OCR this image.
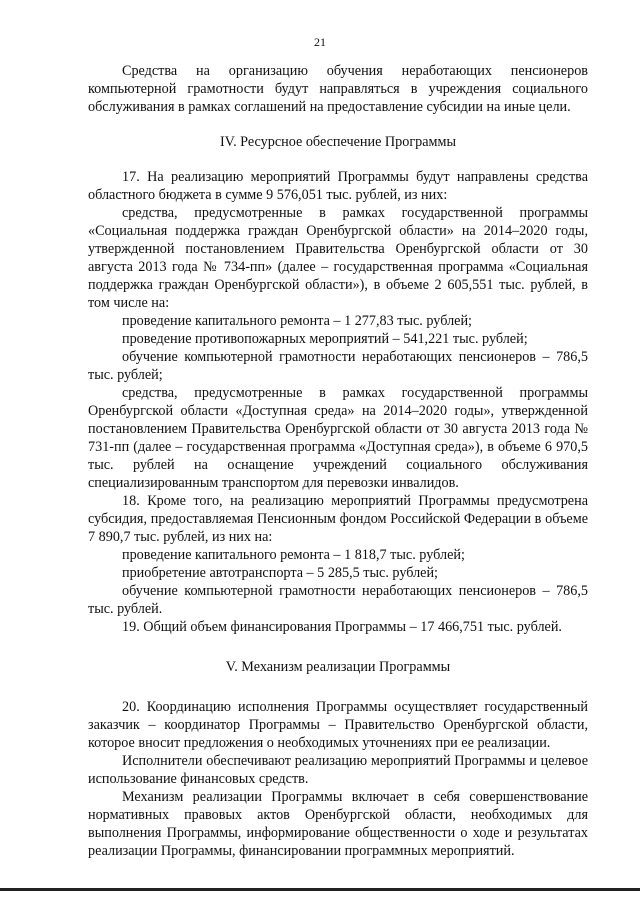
21

Средства на организацию обучения неработающих пенсионеров компьютерной грамотности будут направляться в учреждения социального обслуживания в рамках соглашений на предоставление субсидии на иные цели.

IV. Ресурсное обеспечение Программы

17. На реализацию мероприятий Программы будут направлены средства областного бюджета в сумме 9 576,051 тыс. рублей, из них:

средства, предусмотренные в рамках государственной программы «Социальная поддержка граждан Оренбургской области» на 2014–2020 годы, утвержденной постановлением Правительства Оренбургской области от 30 августа 2013 года № 734-пп» (далее – государственная программа «Социальная поддержка граждан Оренбургской области»), в объеме 2 605,551 тыс. рублей, в том числе на:

проведение капитального ремонта – 1 277,83 тыс. рублей;

проведение противопожарных мероприятий – 541,221 тыс. рублей;

обучение компьютерной грамотности неработающих пенсионеров – 786,5 тыс. рублей;

средства, предусмотренные в рамках государственной программы Оренбургской области «Доступная среда» на 2014–2020 годы», утвержденной постановлением Правительства Оренбургской области от 30 августа 2013 года № 731-пп (далее – государственная программа «Доступная среда»), в объеме 6 970,5 тыс. рублей на оснащение учреждений социального обслуживания специализированным транспортом для перевозки инвалидов.

18. Кроме того, на реализацию мероприятий Программы предусмотрена субсидия, предоставляемая Пенсионным фондом Российской Федерации в объеме 7 890,7 тыс. рублей, из них на:

проведение капитального ремонта – 1 818,7 тыс. рублей;

приобретение автотранспорта – 5 285,5 тыс. рублей;

обучение компьютерной грамотности неработающих пенсионеров – 786,5 тыс. рублей.

19. Общий объем финансирования Программы – 17 466,751 тыс. рублей.

V. Механизм реализации Программы

20. Координацию исполнения Программы осуществляет государственный заказчик – координатор Программы – Правительство Оренбургской области, которое вносит предложения о необходимых уточнениях при ее реализации.

Исполнители обеспечивают реализацию мероприятий Программы и целевое использование финансовых средств.

Механизм реализации Программы включает в себя совершенствование нормативных правовых актов Оренбургской области, необходимых для выполнения Программы, информирование общественности о ходе и результатах реализации Программы, финансировании программных мероприятий.
